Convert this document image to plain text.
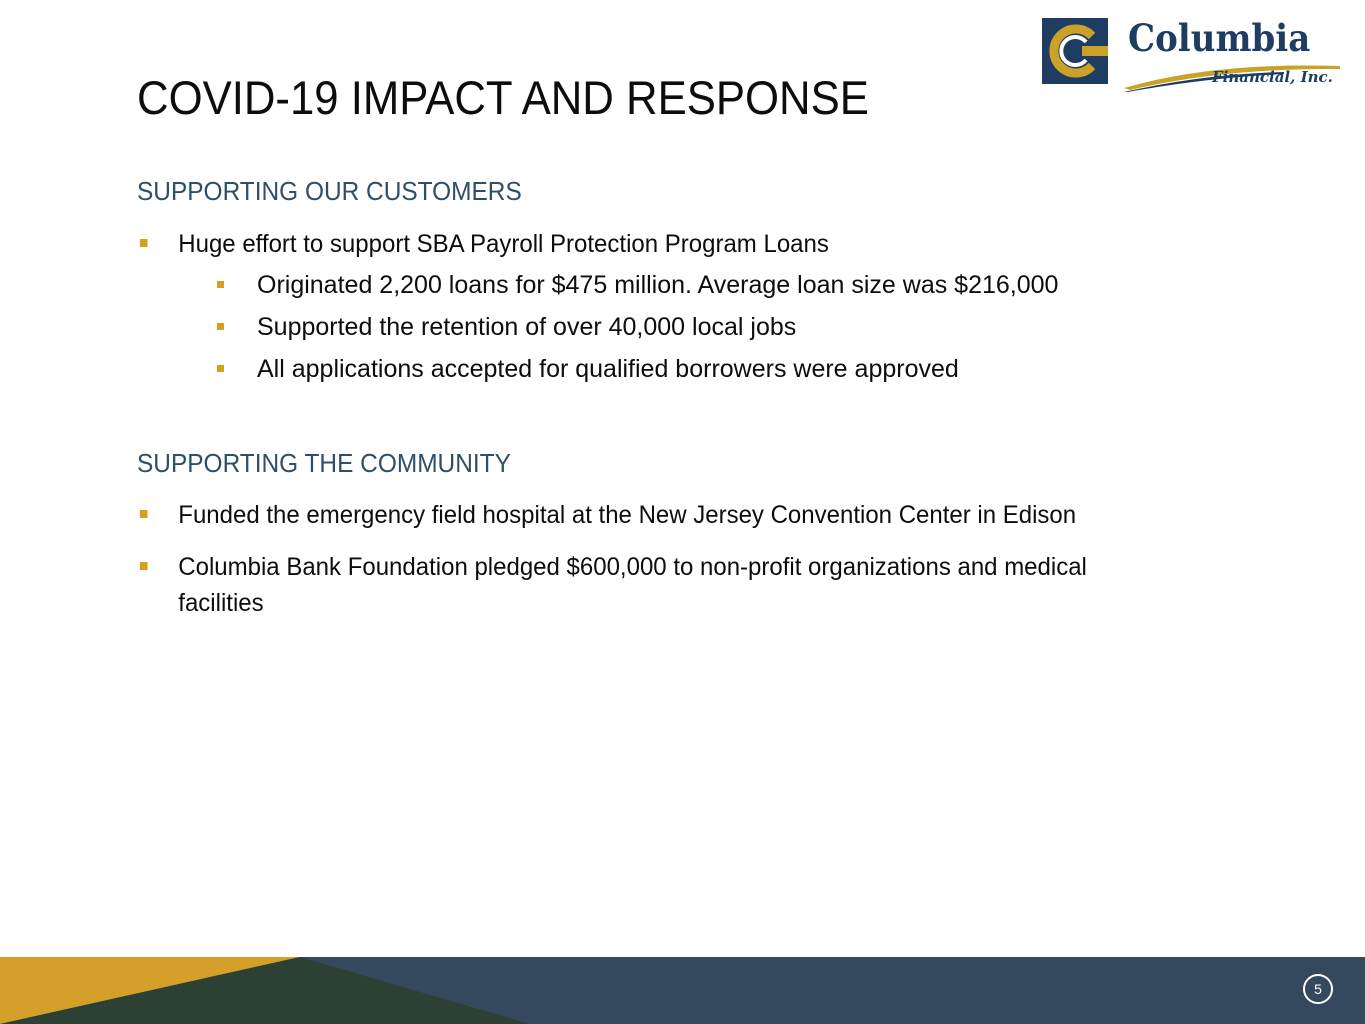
Columbia
Financial, Inc.
COVID-19 IMPACT AND RESPONSE
SUPPORTING OUR CUSTOMERS
Huge effort to support SBA Payroll Protection Program Loans
Originated 2,200 loans for $475 million. Average loan size was $216,000
Supported the retention of over 40,000 local jobs
All applications accepted for qualified borrowers were approved
SUPPORTING THE COMMUNITY
Funded the emergency field hospital at the New Jersey Convention Center in Edison
Columbia Bank Foundation pledged $600,000 to non-profit organizations and medical facilities
5
